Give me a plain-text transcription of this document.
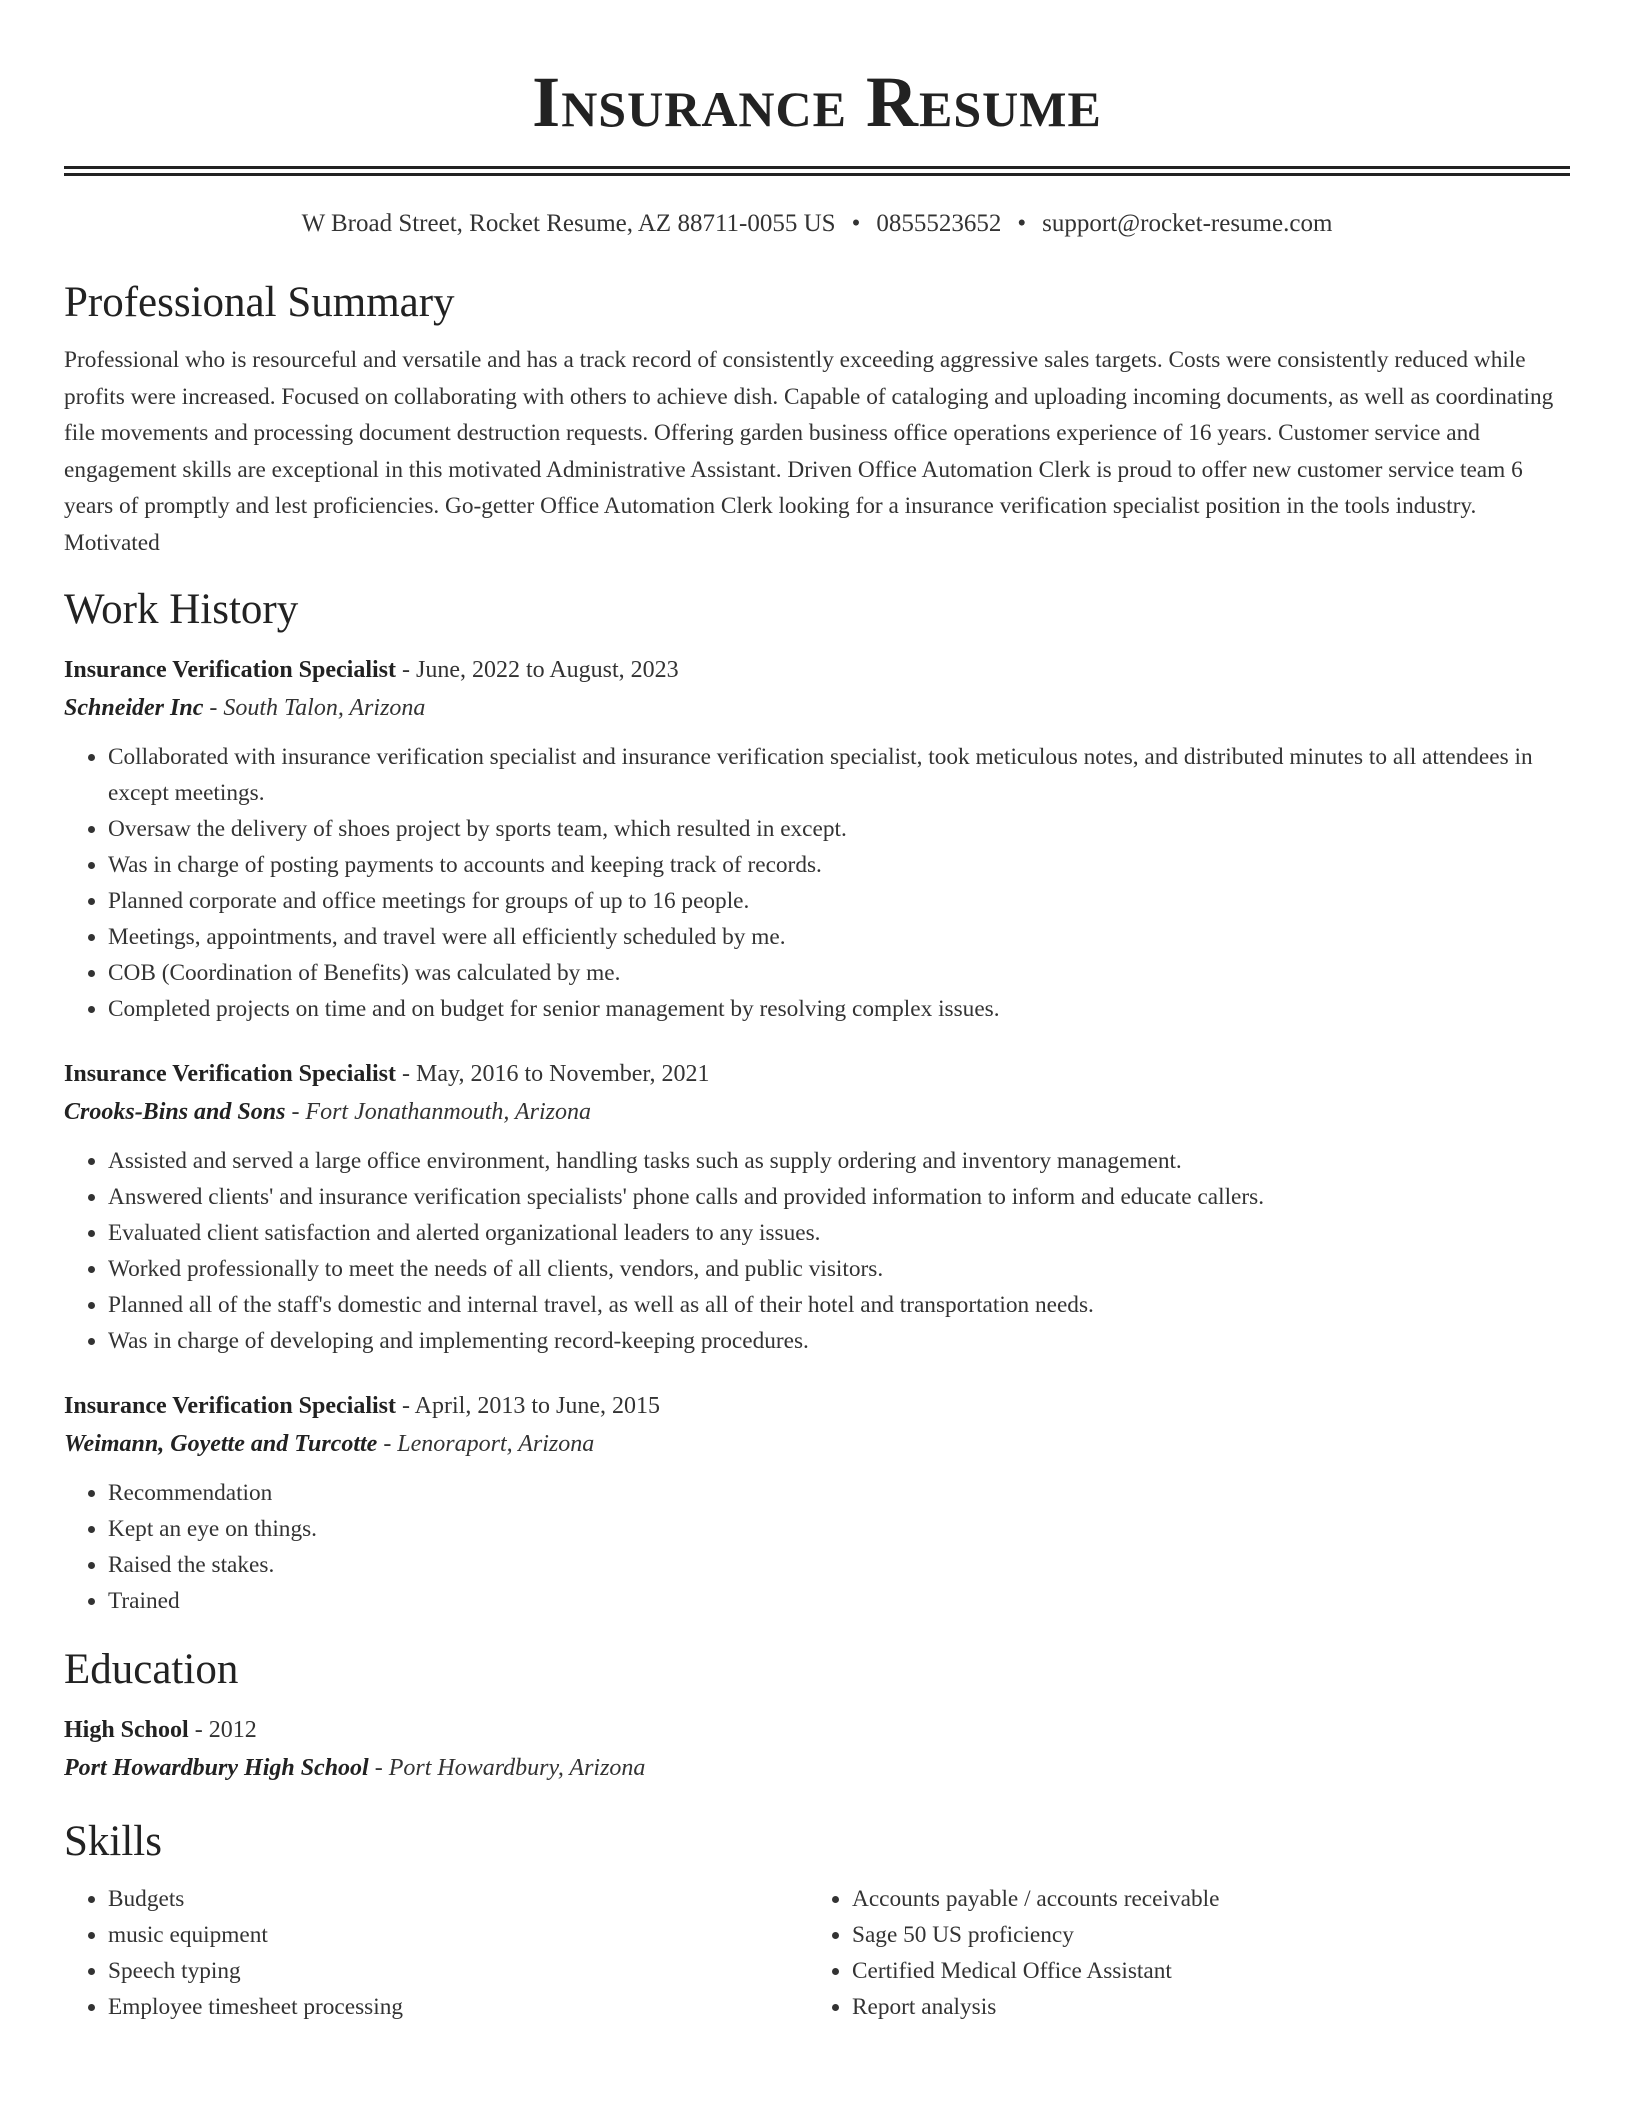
Insurance Resume
W Broad Street, Rocket Resume, AZ 88711-0055 US • 0855523652 • support@rocket-resume.com
Professional Summary
Professional who is resourceful and versatile and has a track record of consistently exceeding aggressive sales targets. Costs were consistently reduced while profits were increased. Focused on collaborating with others to achieve dish. Capable of cataloging and uploading incoming documents, as well as coordinating file movements and processing document destruction requests. Offering garden business office operations experience of 16 years. Customer service and engagement skills are exceptional in this motivated Administrative Assistant. Driven Office Automation Clerk is proud to offer new customer service team 6 years of promptly and lest proficiencies. Go-getter Office Automation Clerk looking for a insurance verification specialist position in the tools industry. Motivated
Work History
Insurance Verification Specialist - June, 2022 to August, 2023
Schneider Inc - South Talon, Arizona
• Collaborated with insurance verification specialist and insurance verification specialist, took meticulous notes, and distributed minutes to all attendees in except meetings.
• Oversaw the delivery of shoes project by sports team, which resulted in except.
• Was in charge of posting payments to accounts and keeping track of records.
• Planned corporate and office meetings for groups of up to 16 people.
• Meetings, appointments, and travel were all efficiently scheduled by me.
• COB (Coordination of Benefits) was calculated by me.
• Completed projects on time and on budget for senior management by resolving complex issues.
Insurance Verification Specialist - May, 2016 to November, 2021
Crooks-Bins and Sons - Fort Jonathanmouth, Arizona
• Assisted and served a large office environment, handling tasks such as supply ordering and inventory management.
• Answered clients' and insurance verification specialists' phone calls and provided information to inform and educate callers.
• Evaluated client satisfaction and alerted organizational leaders to any issues.
• Worked professionally to meet the needs of all clients, vendors, and public visitors.
• Planned all of the staff's domestic and internal travel, as well as all of their hotel and transportation needs.
• Was in charge of developing and implementing record-keeping procedures.
Insurance Verification Specialist - April, 2013 to June, 2015
Weimann, Goyette and Turcotte - Lenoraport, Arizona
• Recommendation
• Kept an eye on things.
• Raised the stakes.
• Trained
Education
High School - 2012
Port Howardbury High School - Port Howardbury, Arizona
Skills
• Budgets
• music equipment
• Speech typing
• Employee timesheet processing
• Accounts payable / accounts receivable
• Sage 50 US proficiency
• Certified Medical Office Assistant
• Report analysis
